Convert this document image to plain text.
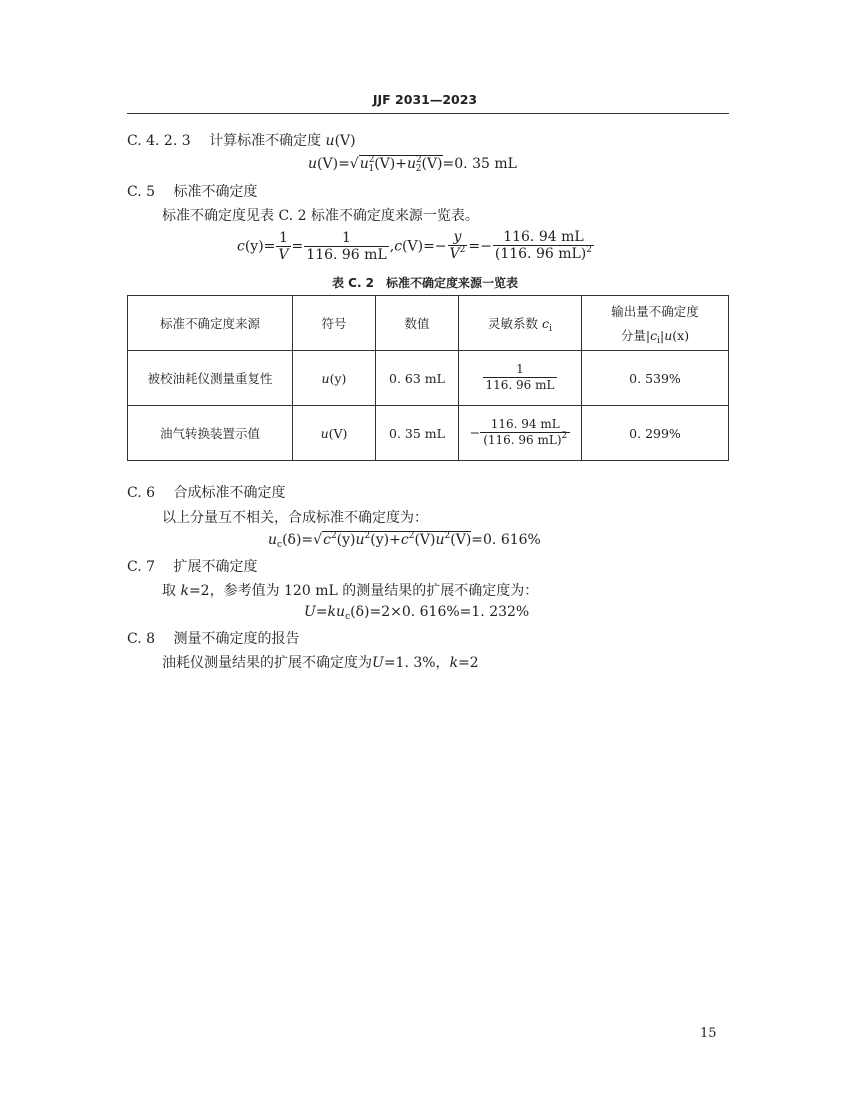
JJF 2031—2023
C. 4. 2. 3 计算标准不确定度 u(V)
$u(V)=√u^2_1(V)+u^2_2(V)=0$. 35 mL
C. 5 标准不确定度
标准不确定度见表 C. 2 标准不确定度来源一览表。
$c(y)= \frac{1}{V} = \frac{1}{116. 96 mL} ,c(V)=- \frac{y}{V^2} =- \frac{116. 94 mL}{(116. 96 mL)^2}$
表 C. 2　标准不确定度来源一览表
标准不确定度来源	符号	数值	灵敏系数 $c_i$	输出量不确定度
分量$|c_i|u(x)$

被校油耗仪测量重复性	u(y)	0. 63 mL	$\frac{1}{116. 96 mL}$	0. 539%
油气转换装置示值	u(V)	0. 35 mL	− $\frac{116. 94 mL}{(116. 96 mL)^2}$	0. 299%
C. 6 合成标准不确定度
以上分量互不相关，合成标准不确定度为：
$u_c(\delta)=√c^2(y)u^2(y)+c^2(V)u^2(V)=0$. 616%
C. 7 扩展不确定度
取 k=2，参考值为 120 mL 的测量结果的扩展不确定度为：
$U=ku_c(\delta)=2\times 0$. 616%=1. 232%
C. 8 测量不确定度的报告
油耗仪测量结果的扩展不确定度为U=1. 3%，k=2
15
